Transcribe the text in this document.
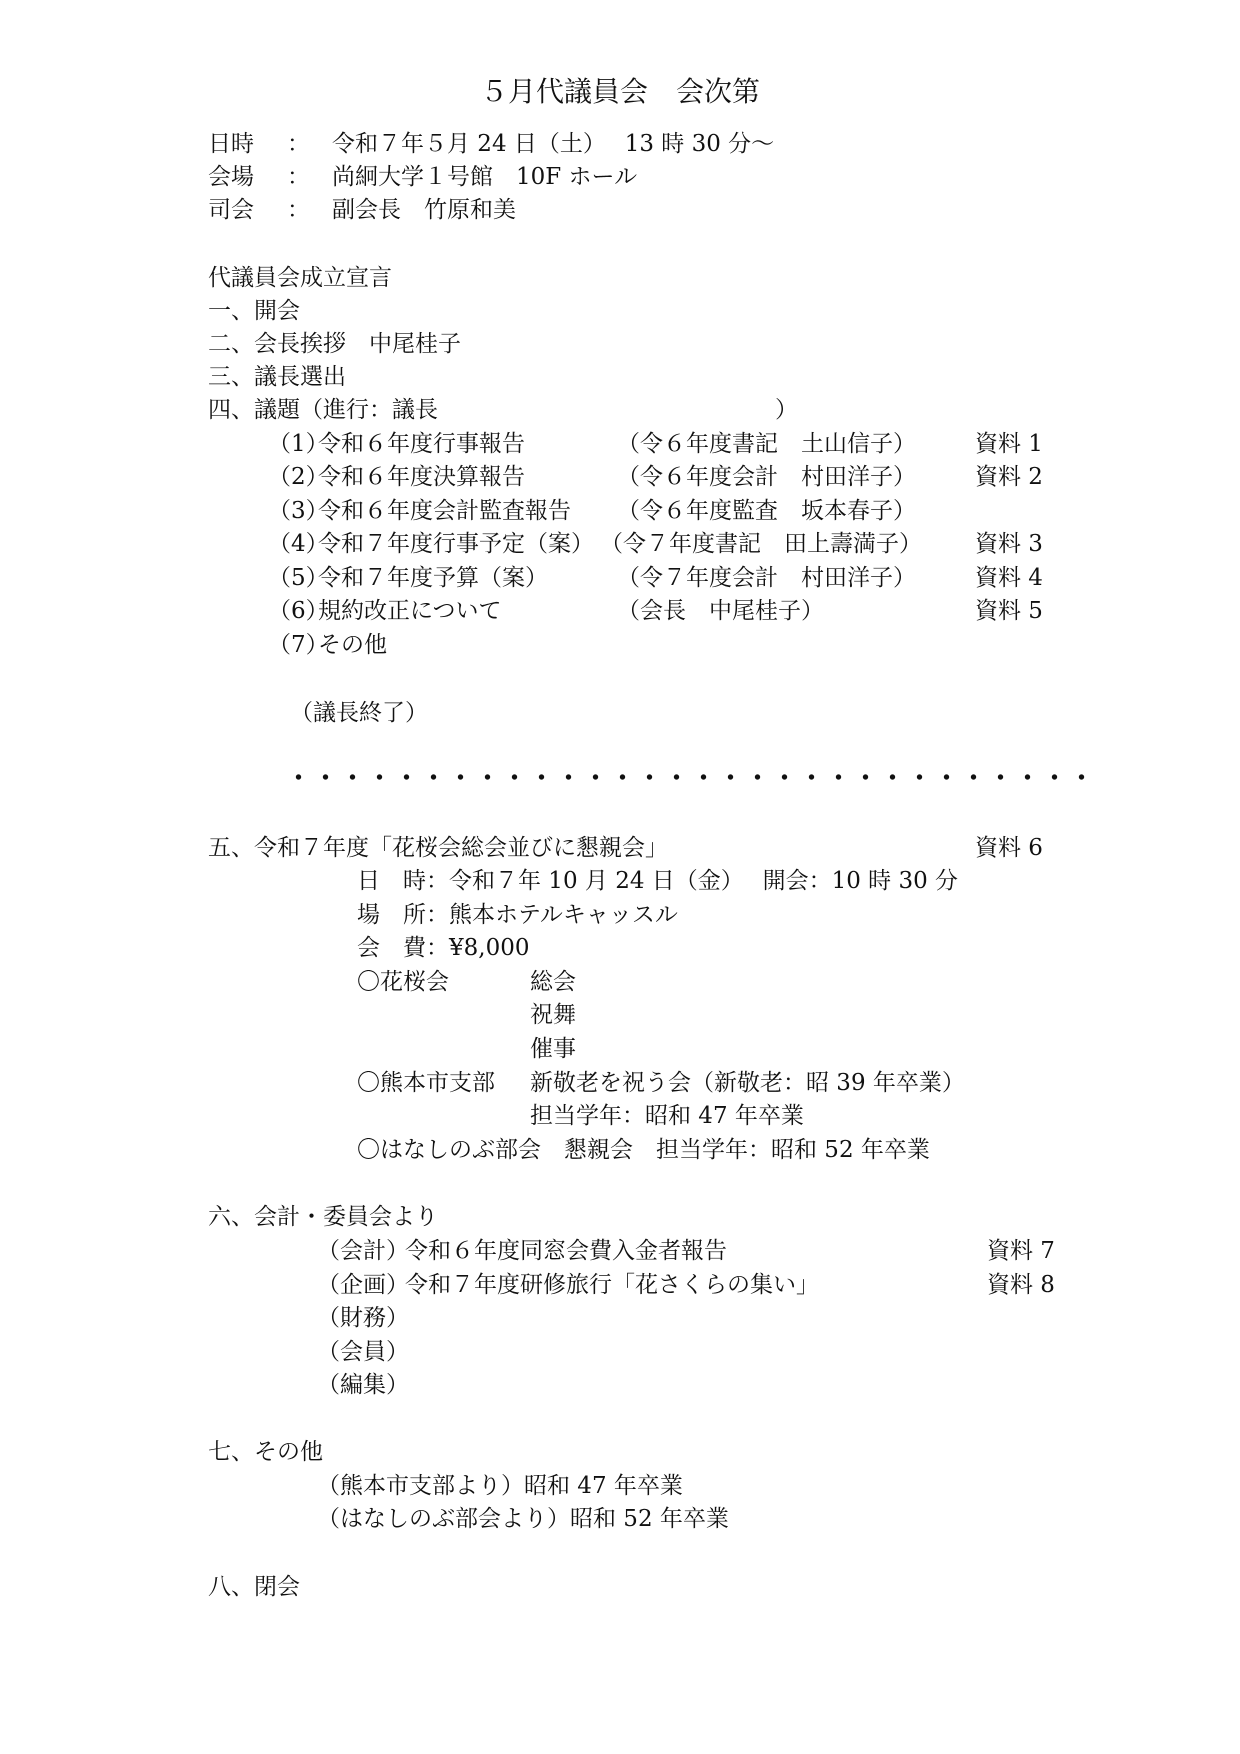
５月代議員会　会次第
日時 ： 令和７年５月 24 日（土）　 13 時 30 分～
会場 ： 尚絅大学１号館　10F ホール
司会 ： 副会長　竹原和美
代議員会成立宣言
一、開会
二、会長挨拶　中尾桂子
三、議長選出
四、議題（進行：議長	）
（1）
令和６年度行事報告	（令６年度書記　土山信子）	資料 1
（2）
令和６年度決算報告	（令６年度会計　村田洋子）	資料 2
（3）
令和６年度会計監査報告 （令６年度監査　坂本春子）
（4）
令和７年度行事予定（案） （令７年度書記　田上壽満子） 資料 3
（5）
令和７年度予算（案）	（令７年度会計　村田洋子）	資料 4
（6）
規約改正について	（会長　中尾桂子）	資料 5
（7）
その他
（議長終了）
五、令和７年度「花桜会総会並びに懇親会」	資料 6
日　時： 令和７年 10 月 24 日（金）　 開会：10 時 30 分
場　所： 熊本ホテルキャッスル
会　費： ¥8,000
〇花桜会	総会
祝舞
催事
〇熊本市支部 新敬老を祝う会（新敬老：昭 39 年卒業）
担当学年：昭和 47 年卒業
〇はなしのぶ部会　懇親会　担当学年：昭和 52 年卒業
六、会計・委員会より
（会計）
令和６年度同窓会費入金者報告	資料 7
（企画）
令和７年度研修旅行「花さくらの集い」	資料 8
（財務）
（会員）
（編集）
七、その他
（熊本市支部より）昭和 47 年卒業
（はなしのぶ部会より）昭和 52 年卒業
八、閉会
